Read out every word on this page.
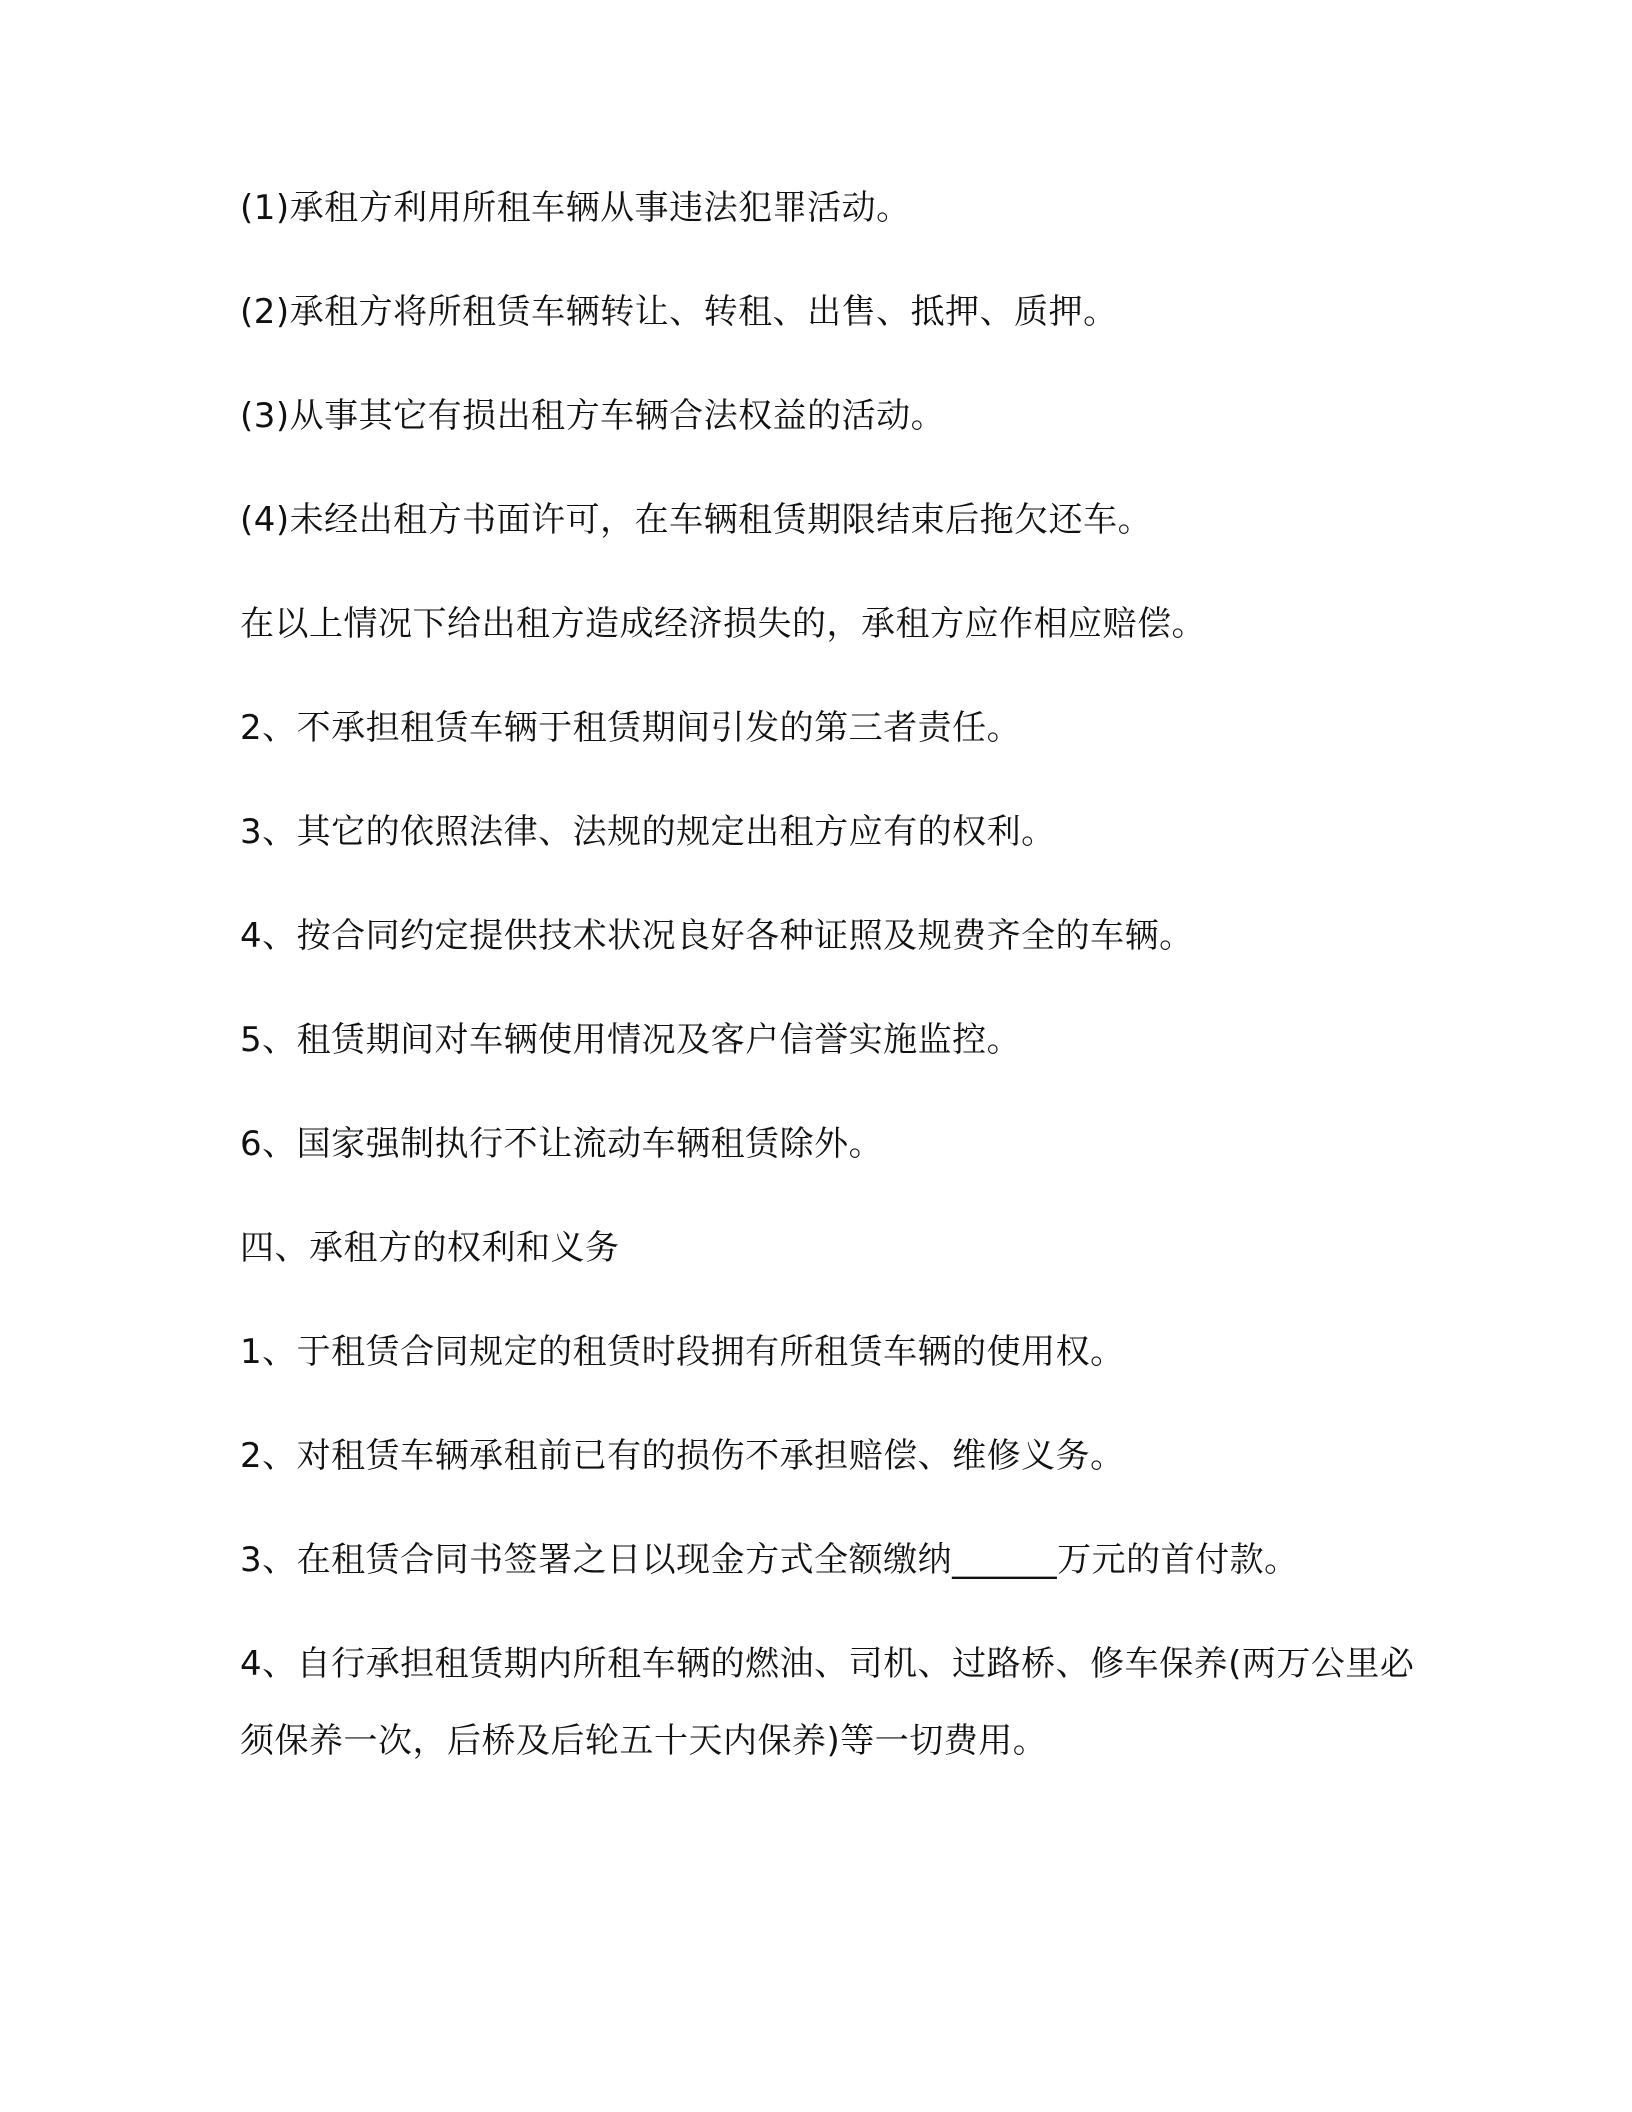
(1)承租方利用所租车辆从事违法犯罪活动。

(2)承租方将所租赁车辆转让、转租、出售、抵押、质押。

(3)从事其它有损出租方车辆合法权益的活动。

(4)未经出租方书面许可，在车辆租赁期限结束后拖欠还车。

在以上情况下给出租方造成经济损失的，承租方应作相应赔偿。

2、不承担租赁车辆于租赁期间引发的第三者责任。

3、其它的依照法律、法规的规定出租方应有的权利。

4、按合同约定提供技术状况良好各种证照及规费齐全的车辆。

5、租赁期间对车辆使用情况及客户信誉实施监控。

6、国家强制执行不让流动车辆租赁除外。

四、承租方的权利和义务

1、于租赁合同规定的租赁时段拥有所租赁车辆的使用权。

2、对租赁车辆承租前已有的损伤不承担赔偿、维修义务。

3、在租赁合同书签署之日以现金方式全额缴纳______万元的首付款。

4、自行承担租赁期内所租车辆的燃油、司机、过路桥、修车保养(两万公里必须保养一次，后桥及后轮五十天内保养)等一切费用。
